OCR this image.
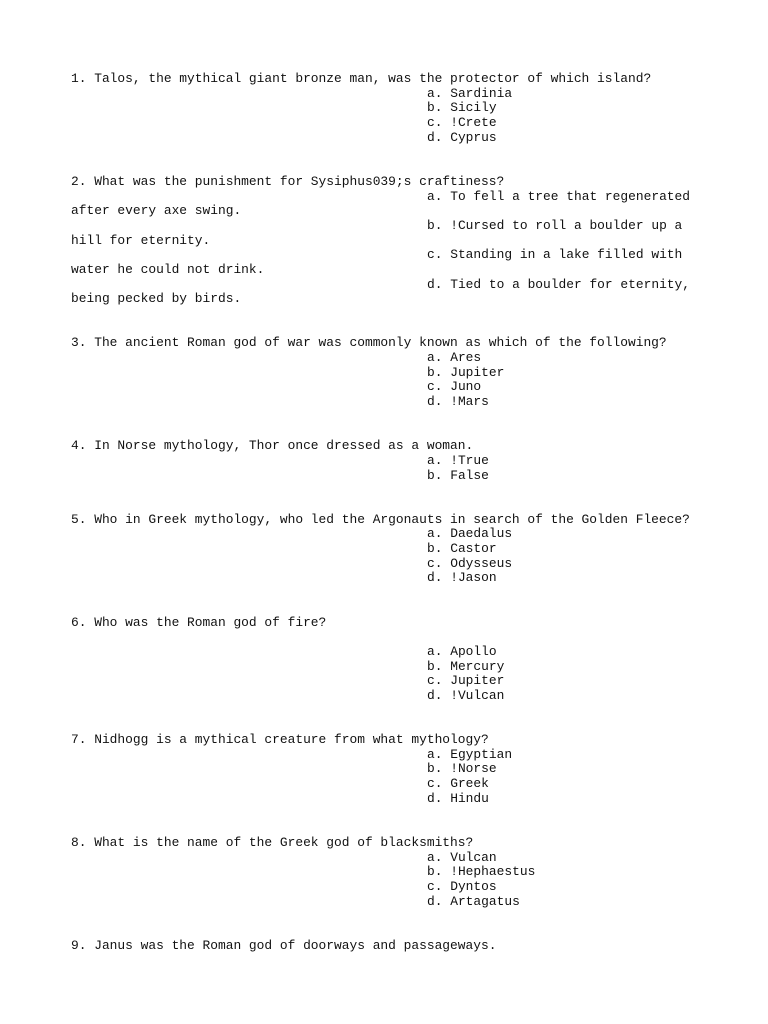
1. Talos, the mythical giant bronze man, was the protector of which island?
a. Sardinia
b. Sicily
c. !Crete
d. Cyprus
2. What was the punishment for Sysiphus039;s craftiness?
a. To fell a tree that regenerated
after every axe swing.
b. !Cursed to roll a boulder up a
hill for eternity.
c. Standing in a lake filled with
water he could not drink.
d. Tied to a boulder for eternity,
being pecked by birds.
3. The ancient Roman god of war was commonly known as which of the following?
a. Ares
b. Jupiter
c. Juno
d. !Mars
4. In Norse mythology, Thor once dressed as a woman.
a. !True
b. False
5. Who in Greek mythology, who led the Argonauts in search of the Golden Fleece?
a. Daedalus
b. Castor
c. Odysseus
d. !Jason
6. Who was the Roman god of fire?
a. Apollo
b. Mercury
c. Jupiter
d. !Vulcan
7. Nidhogg is a mythical creature from what mythology?
a. Egyptian
b. !Norse
c. Greek
d. Hindu
8. What is the name of the Greek god of blacksmiths?
a. Vulcan
b. !Hephaestus
c. Dyntos
d. Artagatus
9. Janus was the Roman god of doorways and passageways.
